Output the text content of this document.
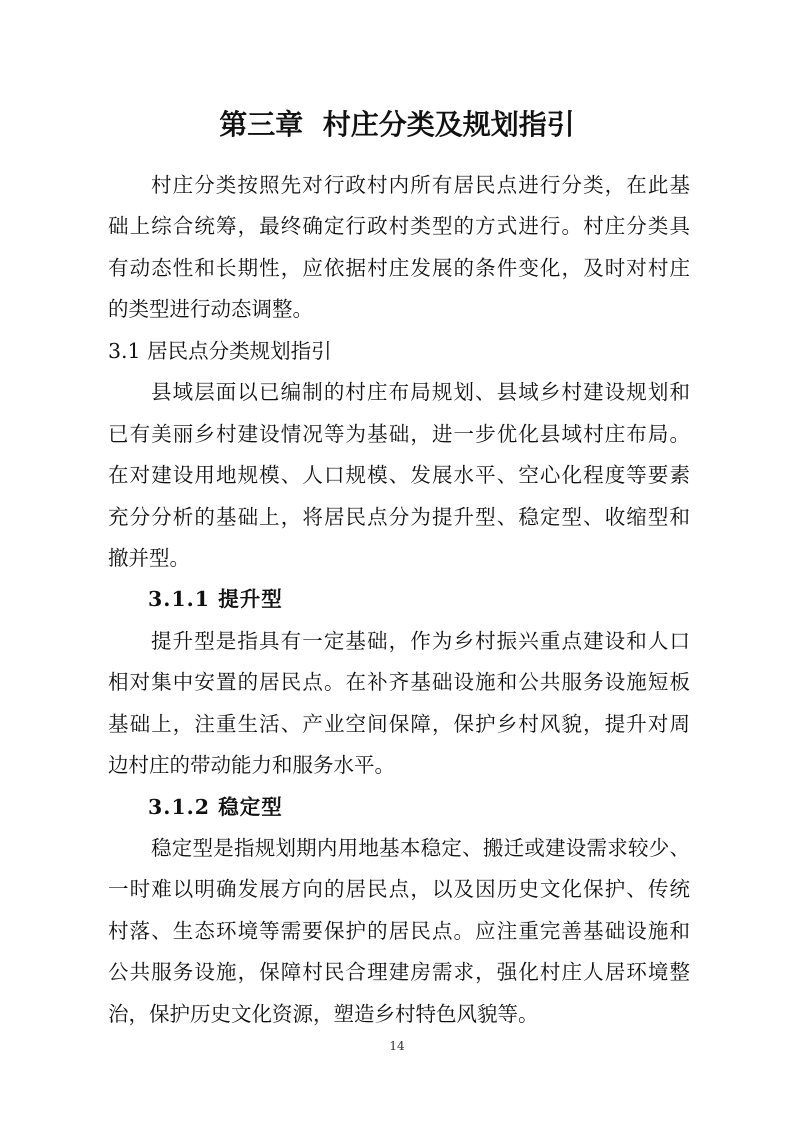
第三章  村庄分类及规划指引
村庄分类按照先对行政村内所有居民点进行分类，在此基
础上综合统筹，最终确定行政村类型的方式进行。村庄分类具
有动态性和长期性，应依据村庄发展的条件变化，及时对村庄
的类型进行动态调整。
3.1 居民点分类规划指引
县域层面以已编制的村庄布局规划、县域乡村建设规划和
已有美丽乡村建设情况等为基础，进一步优化县域村庄布局。
在对建设用地规模、人口规模、发展水平、空心化程度等要素
充分分析的基础上，将居民点分为提升型、稳定型、收缩型和
撤并型。
3.1.1 提升型
提升型是指具有一定基础，作为乡村振兴重点建设和人口
相对集中安置的居民点。在补齐基础设施和公共服务设施短板
基础上，注重生活、产业空间保障，保护乡村风貌，提升对周
边村庄的带动能力和服务水平。
3.1.2 稳定型
稳定型是指规划期内用地基本稳定、搬迁或建设需求较少、
一时难以明确发展方向的居民点，以及因历史文化保护、传统
村落、生态环境等需要保护的居民点。应注重完善基础设施和
公共服务设施，保障村民合理建房需求，强化村庄人居环境整
治，保护历史文化资源，塑造乡村特色风貌等。
14
